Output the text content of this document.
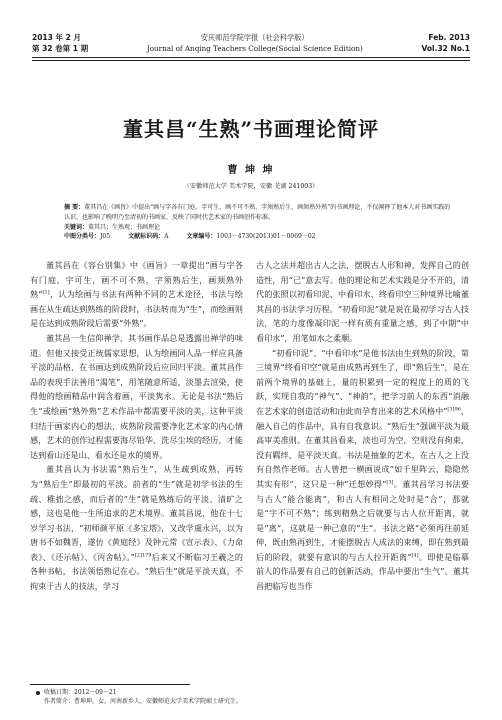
2013 年 2 月	安庆师范学院学报（社会科学版）	Feb. 2013
第 32 卷第 1 期	Journal of Anqing Teachers College(Social Science Edition)	Vol.32 No.1
董其昌“生熟”书画理论简评
曹 坤 坤
（安徽师范大学 美术学院，安徽 芜湖 241003）
摘 要：董其昌在《画旨》中提出“画与字各有门庭，字可生，画不可不熟，字须熟后生，画须熟外熟”的书画理论，不仅阐释了他本人对书画实践的认识，也影响了晚明乃至清初的书画家，反映了同时代艺术家的书画创作标准。
关键词：董其昌；生熟观；书画理论
中图分类号：J05	文献标识码：A	文章编号：1003－4730(2013)01－0069－02

董其昌在《容台别集》中《画旨》一章提出“画与字各有门庭，字可生，画不可不熟，字须熟后生，画须熟外熟”[1]，认为绘画与书法有两种不同的艺术途径，书法与绘画在从生疏达到熟练的阶段时，书法转而为“生”，而绘画则是在达到成熟阶段后需要“外熟”。

董其昌一生信仰禅学，其书画作品总是透露出禅学的味道。但他又接受正统儒家思想，认为绘画同人品一样应具备平淡的品格，在书画达到成熟阶段后应回归平淡。董其昌作品的表现手法善用“渴笔”，用笔随意所适，淡墨去渲染，使得他的绘画精品中润含着画，平淡隽永。无论是书法“熟后生”或绘画“熟外熟”艺术作品中都需要平淡的美，这种平淡归结于画家内心的想法，成熟阶段需要净化艺术家的内心情感，艺术的创作过程需要海尽铅华、洗尽尘埃的经历，才能达到看山还是山、看水还是水的境界。

董其昌认为书法需“熟后生”，从生疏到成熟，再转为“熟后生”即最初的平淡。前者的“生”就是初学书法的生疏、稚拙之感，而后者的“生”就是熟练后的平淡、清旷之感，这也是他一生所追求的艺术境界。董其昌说，他在十七岁学习书法，“初师颜平原《多宝塔》，又改学虞永兴，以为唐书不如魏晋，遂仿《黄庭经》及钟元常《宣示表》、《力命表》、《还示帖》、《丙舍帖》。”$^{[2]179}$后来又不断临习王羲之的各种书帖，书法领悟熟记在心。“熟后生”就是平淡天真，不拘束于古人的技法，学习

古人之法并超出古人之法，摆脱古人形和神，发挥自己的创造性，用“己”意去写。他的理论和艺术实践是分不开的，清代的张照以初看印泥、中看印水、终看印空三种境界比喻董其昌的书法学习历程。“初看印泥”就是说在最初学习古人技法，笔的力度像凝印泥一样有质有重量之感，到了中期“中看印水”，用笔如水之柔顺。

“初看印泥”、“中看印水”是他书法由生到熟的阶段，第三境界“终看印空”就是由成熟再到生了，即“熟后生”，是在前两个境界的基础上，量的积累到一定的程度上的质的飞跃，实现自我的“神气”、“神韵”，把学习前人的东西“消融在艺术家的创造活动和由此而孕育出来的艺术风格中”$^{[3]96}$，融入自己的作品中，具有自我意识。“熟后生”强调平淡为最高审美准则。在董其昌看来，淡也可为空，空则没有拘束，没有羁绊，是平淡天真。书法是抽象的艺术，在古人之上没有自然作老师。古人曾把一横画说成“如千里阵云，隐隐然其实有形”，这只是一种“迁想妙得”[3]。董其昌学习书法要与古人“能合能离”，和古人有相同之处时是“合”，那就是“字不可不熟”；练到精熟之后就要与古人拉开距离，就是“离”，这就是一种己意的“生”。书法之路“必须再往前延伸，既由熟再到生，才能摆脱古人成法的束缚，即在熟到最后的阶段，就要有意识的与古人拉开距离”[4]。即使是临摹前人的作品要有自己的创新活动，作品中要出“生气”。董其昌把临写也当作

收稿日期：2012－09－21
作者简介：曹坤坤，女，河南新乡人，安徽师范大学美术学院硕士研究生。
